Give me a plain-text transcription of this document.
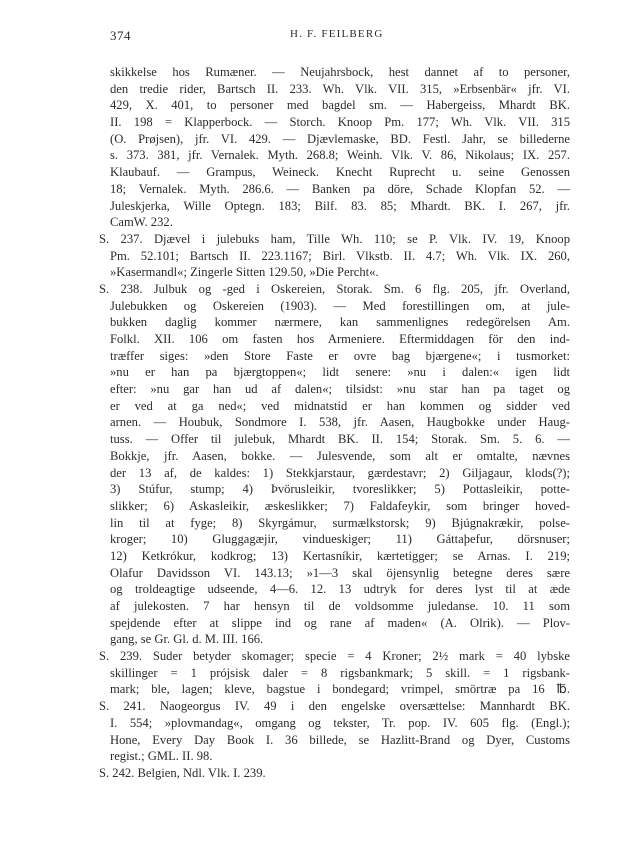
374	H. F. FEILBERG
skikkelse hos Rumæner. — Neujahrsbock, hest dannet af to personer,
den tredie rider, Bartsch II. 233. Wh. Vlk. VII. 315, »Erbsenbär« jfr. VI.
429, X. 401, to personer med bagdel sm. — Habergeiss, Mhardt BK.
II. 198 = Klapperbock. — Storch. Knoop Pm. 177; Wh. Vlk. VII. 315
(O. Prøjsen), jfr. VI. 429. — Djævlemaske, BD. Festl. Jahr, se billederne
s. 373. 381, jfr. Vernalek. Myth. 268.8; Weinh. Vlk. V. 86, Nikolaus; IX. 257.
Klaubauf. — Grampus, Weineck. Knecht Ruprecht u. seine Genossen
18; Vernalek. Myth. 286.6. — Banken pa döre, Schade Klopfan 52. —
Juleskjerka, Wille Optegn. 183; Bilf. 83. 85; Mhardt. BK. I. 267, jfr.
CamW. 232.
S. 237. Djævel i julebuks ham, Tille Wh. 110; se P. Vlk. IV. 19, Knoop
Pm. 52.101; Bartsch II. 223.1167; Birl. Vlkstb. II. 4.7; Wh. Vlk. IX. 260,
»Kasermandl«; Zingerle Sitten 129.50, »Die Percht«.
S. 238. Julbuk og -ged i Oskereien, Storak. Sm. 6 flg. 205, jfr. Overland,
Julebukken og Oskereien (1903). — Med forestillingen om, at jule-
bukken daglig kommer nærmere, kan sammenlignes redegörelsen Am.
Folkl. XII. 106 om fasten hos Armeniere. Eftermiddagen för den ind-
træffer siges: »den Store Faste er ovre bag bjærgene«; i tusmorket:
»nu er han pa bjærgtoppen«; lidt senere: »nu i dalen:« igen lidt
efter: »nu gar han ud af dalen«; tilsidst: »nu star han pa taget og
er ved at ga ned«; ved midnatstid er han kommen og sidder ved
arnen. — Houbuk, Sondmore I. 538, jfr. Aasen, Haugbokke under Haug-
tuss. — Offer til julebuk, Mhardt BK. II. 154; Storak. Sm. 5. 6. —
Bokkje, jfr. Aasen, bokke. — Julesvende, som alt er omtalte, nævnes
der 13 af, de kaldes: 1) Stekkjarstaur, gærdestavr; 2) Giljagaur, klods(?);
3) Stúfur, stump; 4) Þvörusleikir, tvoreslikker; 5) Pottasleikir, potte-
slikker; 6) Askasleikir, æskeslikker; 7) Faldafeykir, som bringer hoved-
lin til at fyge; 8) Skyrgámur, surmælkstorsk; 9) Bjúgnakrækir, polse-
kroger; 10) Gluggagæjir, vindueskiger; 11) Gáttaþefur, dörsnuser;
12) Ketkrókur, kodkrog; 13) Kertasníkir, kærtetigger; se Arnas. I. 219;
Olafur Davidsson VI. 143.13; »1—3 skal öjensynlig betegne deres sære
og troldeagtige udseende, 4—6. 12. 13 udtryk for deres lyst til at æde
af julekosten. 7 har hensyn til de voldsomme juledanse. 10. 11 som
spejdende efter at slippe ind og rane af maden« (A. Olrik). — Plov-
gang, se Gr. Gl. d. M. III. 166.
S. 239. Suder betyder skomager; specie = 4 Kroner; 2½ mark = 40 lybske
skillinger = 1 prójsisk daler = 8 rigsbankmark; 5 skill. = 1 rigsbank-
mark; ble, lagen; kleve, bagstue i bondegard; vrimpel, smörtræ pa 16 ℔.
S. 241. Naogeorgus IV. 49 i den engelske oversættelse: Mannhardt BK.
I. 554; »plovmandag«, omgang og tekster, Tr. pop. IV. 605 flg. (Engl.);
Hone, Every Day Book I. 36 billede, se Hazlitt-Brand og Dyer, Customs
regist.; GML. II. 98.
S. 242. Belgien, Ndl. Vlk. I. 239.
